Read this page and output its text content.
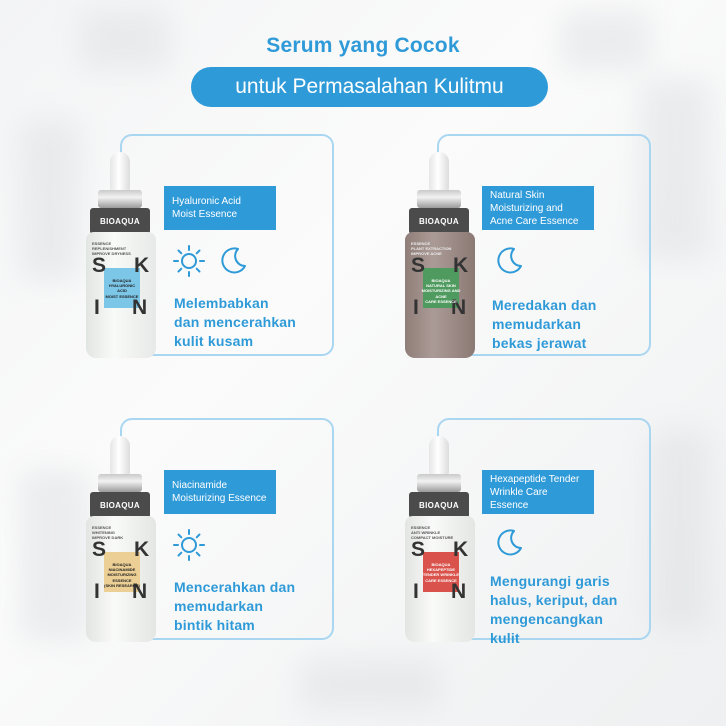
Serum yang Cocok
untuk Permasalahan Kulitmu
BIOAQUA
ESSENCE
REPLENISHMENT
IMPROVE DRYNESS
S K
I N
BIOAQUA
HYALURONIC
ACID
MOIST ESSENCE
Hyaluronic Acid
Moist Essence
Melembabkan
dan mencerahkan
kulit kusam
BIOAQUA
ESSENCE
PLANT EXTRACTION
IMPROVE ACNE
S K
I N
BIOAQUA
NATURAL SKIN
MOISTURIZING AND ACNE
CARE ESSENCE
Natural Skin
Moisturizing and
Acne Care Essence
Meredakan dan
memudarkan
bekas jerawat
BIOAQUA
ESSENCE
WHITENING
IMPROVE DARK
S K
I N
BIOAQUA
NIACINAMIDE
MOISTURIZING ESSENCE
(SKIN RESEARCH)
Niacinamide
Moisturizing Essence
Mencerahkan dan
memudarkan
bintik hitam
BIOAQUA
ESSENCE
ANTI WRINKLE
COMPACT MOISTURE
S K
I N
BIOAQUA
HEXAPEPTIDE
TENDER WRINKLE
CARE ESSENCE
Hexapeptide Tender
Wrinkle Care Essence
Mengurangi garis
halus, keriput, dan
mengencangkan
kulit
